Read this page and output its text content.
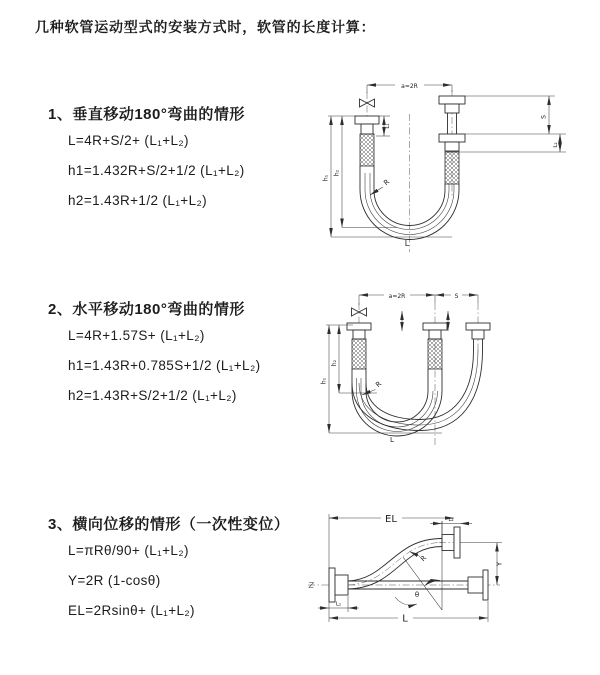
几种软管运动型式的安装方式时，软管的长度计算：
1、垂直移动180°弯曲的情形
L=4R+S/2+ (L₁+L₂)
h1=1.432R+S/2+1/2 (L₁+L₂)
h2=1.43R+1/2 (L₁+L₂)
a=2R
h₁
h₂
L₁
S
L₂
R
L
2、水平移动180°弯曲的情形
L=4R+1.57S+ (L₁+L₂)
h1=1.43R+0.785S+1/2 (L₁+L₂)
h2=1.43R+S/2+1/2 (L₁+L₂)
a=2R	S
h₁
h₂
R
L
3、横向位移的情形（一次性变位）
L=πRθ/90+ (L₁+L₂)
Y=2R (1-cosθ)
EL=2Rsinθ+ (L₁+L₂)
EL	L₂
Y
L
L₁
R
θ
